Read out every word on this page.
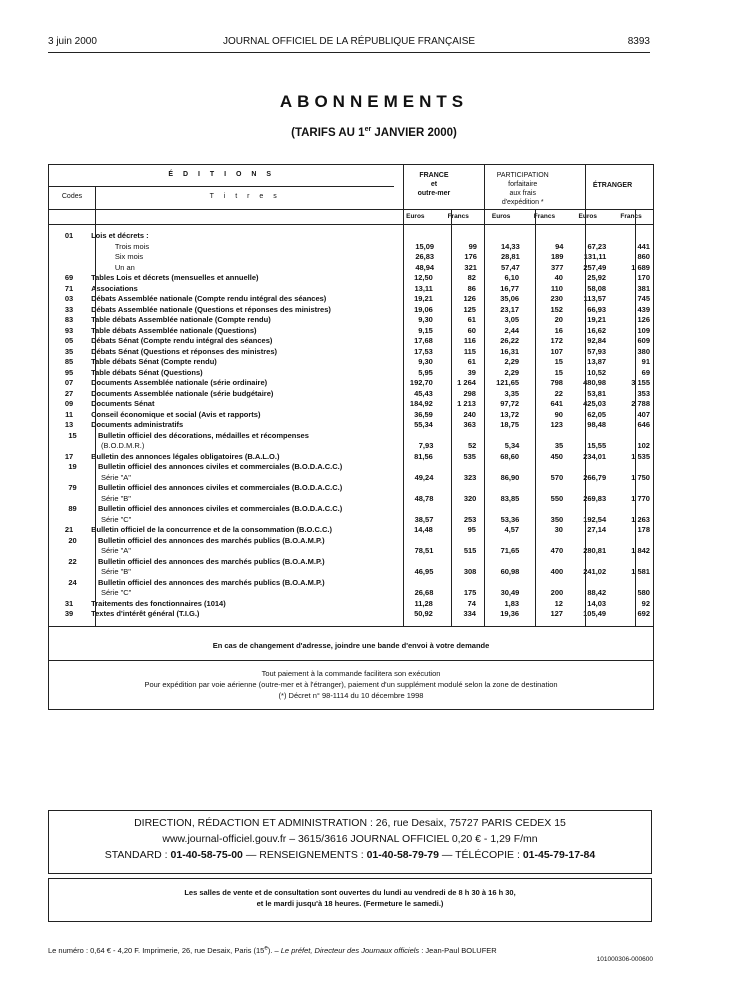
3 juin 2000	JOURNAL OFFICIEL DE LA RÉPUBLIQUE FRANÇAISE	8393
ABONNEMENTS
(TARIFS AU 1er JANVIER 2000)
É D I T I O N S
Codes	T i t r e s
FRANCE
et
outre-mer
PARTICIPATION
forfaitaire
aux frais
d'expédition *
ÉTRANGER
Euros	Francs	Euros	Francs	Euros	Francs
01	Lois et décrets :
Trois mois	15,09	99	14,33	94	67,23	441
Six mois	26,83	176	28,81	189	131,11	860
Un an	48,94	321	57,47	377	257,49	1 689
69	Tables Lois et décrets (mensuelles et annuelle)	12,50	82	6,10	40	25,92	170
71	Associations	13,11	86	16,77	110	58,08	381
03	Débats Assemblée nationale (Compte rendu intégral des séances)	19,21	126	35,06	230	113,57	745
33	Débats Assemblée nationale (Questions et réponses des ministres)	19,06	125	23,17	152	66,93	439
83	Table débats Assemblée nationale (Compte rendu)	9,30	61	3,05	20	19,21	126
93	Table débats Assemblée nationale (Questions)	9,15	60	2,44	16	16,62	109
05	Débats Sénat (Compte rendu intégral des séances)	17,68	116	26,22	172	92,84	609
35	Débats Sénat (Questions et réponses des ministres)	17,53	115	16,31	107	57,93	380
85	Table débats Sénat (Compte rendu)	9,30	61	2,29	15	13,87	91
95	Table débats Sénat (Questions)	5,95	39	2,29	15	10,52	69
07	Documents Assemblée nationale (série ordinaire)	192,70	1 264	121,65	798	480,98	3 155
27	Documents Assemblée nationale (série budgétaire)	45,43	298	3,35	22	53,81	353
09	Documents Sénat	184,92	1 213	97,72	641	425,03	2 788
11	Conseil économique et social (Avis et rapports)	36,59	240	13,72	90	62,05	407
13	Documents administratifs	55,34	363	18,75	123	98,48	646
15	Bulletin officiel des décorations, médailles et récompenses
(B.O.D.M.R.)	7,93	52	5,34	35	15,55	102
17	Bulletin des annonces légales obligatoires (B.A.L.O.)	81,56	535	68,60	450	234,01	1 535
19	Bulletin officiel des annonces civiles et commerciales (B.O.D.A.C.C.)
Série "A"	49,24	323	86,90	570	266,79	1 750
79	Bulletin officiel des annonces civiles et commerciales (B.O.D.A.C.C.)
Série "B"	48,78	320	83,85	550	269,83	1 770
89	Bulletin officiel des annonces civiles et commerciales (B.O.D.A.C.C.)
Série "C"	38,57	253	53,36	350	192,54	1 263
21	Bulletin officiel de la concurrence et de la consommation (B.O.C.C.)	14,48	95	4,57	30	27,14	178
20	Bulletin officiel des annonces des marchés publics (B.O.A.M.P.)
Série "A"	78,51	515	71,65	470	280,81	1 842
22	Bulletin officiel des annonces des marchés publics (B.O.A.M.P.)
Série "B"	46,95	308	60,98	400	241,02	1 581
24	Bulletin officiel des annonces des marchés publics (B.O.A.M.P.)
Série "C"	26,68	175	30,49	200	88,42	580
31	Traitements des fonctionnaires (1014)	11,28	74	1,83	12	14,03	92
39	Textes d'intérêt général (T.I.G.)	50,92	334	19,36	127	105,49	692
En cas de changement d'adresse, joindre une bande d'envoi à votre demande
Tout paiement à la commande facilitera son exécution
Pour expédition par voie aérienne (outre-mer et à l'étranger), paiement d'un supplément modulé selon la zone de destination
(*) Décret n° 98-1114 du 10 décembre 1998
DIRECTION, RÉDACTION ET ADMINISTRATION : 26, rue Desaix, 75727 PARIS CEDEX 15
www.journal-officiel.gouv.fr – 3615/3616 JOURNAL OFFICIEL 0,20 € - 1,29 F/mn
STANDARD : 01-40-58-75-00 — RENSEIGNEMENTS : 01-40-58-79-79 — TÉLÉCOPIE : 01-45-79-17-84
Les salles de vente et de consultation sont ouvertes du lundi au vendredi de 8 h 30 à 16 h 30,
et le mardi jusqu'à 18 heures. (Fermeture le samedi.)
Le numéro : 0,64 € - 4,20 F. Imprimerie, 26, rue Desaix, Paris (15e). – Le préfet, Directeur des Journaux officiels : Jean-Paul BOLUFER
101000306-000600
